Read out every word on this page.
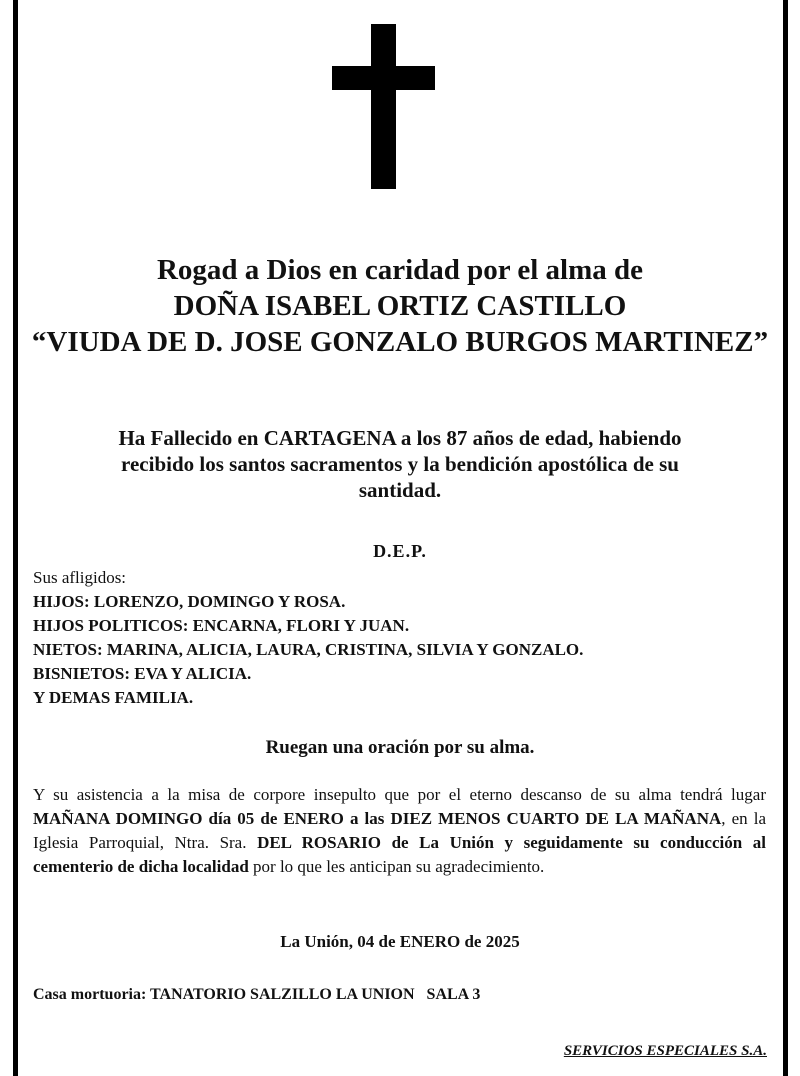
Rogad a Dios en caridad por el alma de
DOÑA ISABEL ORTIZ CASTILLO
“VIUDA DE D. JOSE GONZALO BURGOS MARTINEZ”

Ha Fallecido en CARTAGENA a los 87 años de edad, habiendo

recibido los santos sacramentos y la bendición apostólica de su

santidad.

D.E.P.
Sus afligidos:
HIJOS: LORENZO, DOMINGO Y ROSA.
HIJOS POLITICOS: ENCARNA, FLORI Y JUAN.
NIETOS: MARINA, ALICIA, LAURA, CRISTINA, SILVIA Y GONZALO.
BISNIETOS: EVA Y ALICIA.
Y DEMAS FAMILIA.
Ruegan una oración por su alma.
Y su asistencia a la misa de corpore insepulto que por el eterno descanso de su alma tendrá lugar MAÑANA DOMINGO día 05 de ENERO a las DIEZ MENOS CUARTO DE LA MAÑANA, en la Iglesia Parroquial, Ntra. Sra. DEL ROSARIO de La Unión y seguidamente su conducción al cementerio de dicha localidad por lo que les anticipan su agradecimiento.
La Unión, 04 de ENERO de 2025
Casa mortuoria: TANATORIO SALZILLO LA UNION   SALA 3
SERVICIOS ESPECIALES S.A.
